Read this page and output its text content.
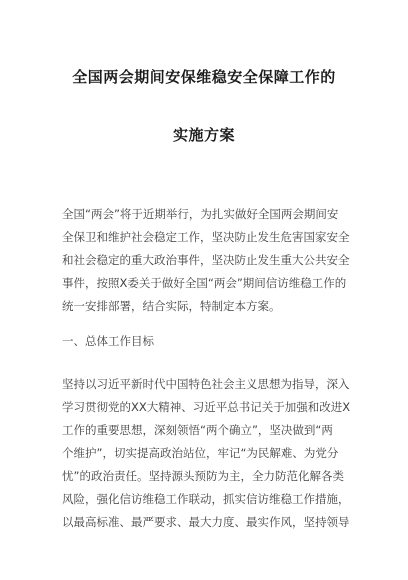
全国两会期间安保维稳安全保障工作的
实施方案
全国“两会”将于近期举行，为扎实做好全国两会期间安
全保卫和维护社会稳定工作，坚决防止发生危害国家安全
和社会稳定的重大政治事件，坚决防止发生重大公共安全
事件，按照X委关于做好全国“两会”期间信访维稳工作的
统一安排部署，结合实际，特制定本方案。
一、总体工作目标
坚持以习近平新时代中国特色社会主义思想为指导，深入
学习贯彻党的XX大精神、习近平总书记关于加强和改进X
工作的重要思想，深刻领悟“两个确立”，坚决做到“两
个维护”，切实提高政治站位，牢记“为民解难、为党分
忧”的政治责任。坚持源头预防为主，全力防范化解各类
风险，强化信访维稳工作联动，抓实信访维稳工作措施，
以最高标准、最严要求、最大力度、最实作风，坚持领导
